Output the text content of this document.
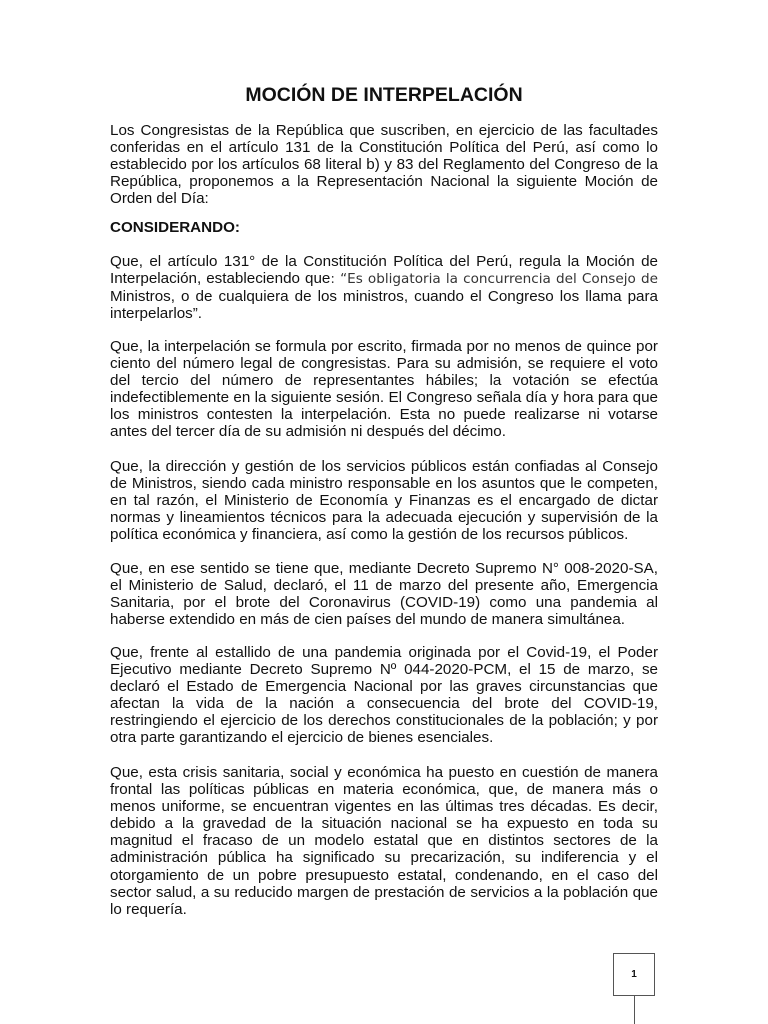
MOCIÓN DE INTERPELACIÓN

Los Congresistas de la República que suscriben, en ejercicio de las facultades conferidas en el artículo 131 de la Constitución Política del Perú, así como lo establecido por los artículos 68 literal b) y 83 del Reglamento del Congreso de la República, proponemos a la Representación Nacional la siguiente Moción de Orden del Día:

CONSIDERANDO:

Que, el artículo 131° de la Constitución Política del Perú, regula la Moción de Interpelación, estableciendo que: “Es obligatoria la concurrencia del Consejo de Ministros, o de cualquiera de los ministros, cuando el Congreso los llama para interpelarlos”.

Que, la interpelación se formula por escrito, firmada por no menos de quince por ciento del número legal de congresistas. Para su admisión, se requiere el voto del tercio del número de representantes hábiles; la votación se efectúa indefectiblemente en la siguiente sesión. El Congreso señala día y hora para que los ministros contesten la interpelación. Esta no puede realizarse ni votarse antes del tercer día de su admisión ni después del décimo.

Que, la dirección y gestión de los servicios públicos están confiadas al Consejo de Ministros, siendo cada ministro responsable en los asuntos que le competen, en tal razón, el Ministerio de Economía y Finanzas es el encargado de dictar normas y lineamientos técnicos para la adecuada ejecución y supervisión de la política económica y financiera, así como la gestión de los recursos públicos.

Que, en ese sentido se tiene que, mediante Decreto Supremo N° 008-2020-SA, el Ministerio de Salud, declaró, el 11 de marzo del presente año, Emergencia Sanitaria, por el brote del Coronavirus (COVID-19) como una pandemia al haberse extendido en más de cien países del mundo de manera simultánea.

Que, frente al estallido de una pandemia originada por el Covid-19, el Poder Ejecutivo mediante Decreto Supremo Nº 044-2020-PCM, el 15 de marzo, se declaró el Estado de Emergencia Nacional por las graves circunstancias que afectan la vida de la nación a consecuencia del brote del COVID-19, restringiendo el ejercicio de los derechos constitucionales de la población; y por otra parte garantizando el ejercicio de bienes esenciales.

Que, esta crisis sanitaria, social y económica ha puesto en cuestión de manera frontal las políticas públicas en materia económica, que, de manera más o menos uniforme, se encuentran vigentes en las últimas tres décadas. Es decir, debido a la gravedad de la situación nacional se ha expuesto en toda su magnitud el fracaso de un modelo estatal que en distintos sectores de la administración pública ha significado su precarización, su indiferencia y el otorgamiento de un pobre presupuesto estatal, condenando, en el caso del sector salud, a su reducido margen de prestación de servicios a la población que lo requería.

1
